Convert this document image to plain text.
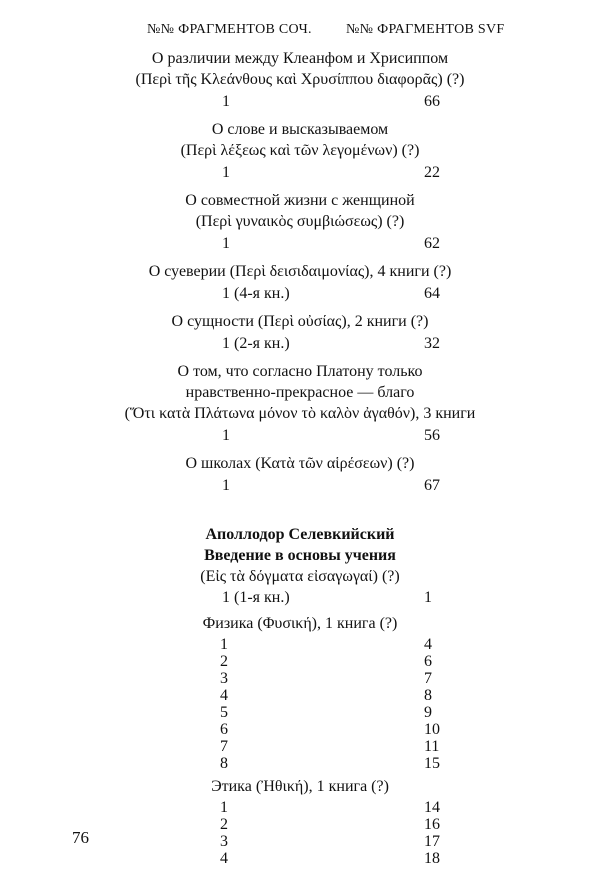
№№ ФРАГМЕНТОВ СОЧ. №№ ФРАГМЕНТОВ SVF
О различии между Клеанфом и Хрисиппом
(Περὶ τῆς Κλεάνθους καὶ Χρυσίππου διαφορᾶς) (?)
1	66
О слове и высказываемом
(Περὶ λέξεως καὶ τῶν λεγομένων) (?)
1	22
О совместной жизни с женщиной
(Περὶ γυναικὸς συμβιώσεως) (?)
1	62
О суеверии (Περὶ δεισιδαιμονίας), 4 книги (?)
1 (4-я кн.)	64
О сущности (Περὶ οὐσίας), 2 книги (?)
1 (2-я кн.)	32
О том, что согласно Платону только
нравственно-прекрасное — благо
(Ὅτι κατὰ Πλάτωνα μόνον τὸ καλὸν ἀγαθόν), 3 книги
1	56
О школах (Κατὰ τῶν αἱρέσεων) (?)
1	67
Аполлодор Селевкийский
Введение в основы учения
(Εἰς τὰ δόγματα εἰσαγωγαί) (?)
1 (1-я кн.)	1
Физика (Φυσική), 1 книга (?)
1	4
2	6
3	7
4	8
5	9
6	10
7	11
8	15
Этика (Ἠθική), 1 книга (?)
1	14
2	16
3	17
4	18
76
